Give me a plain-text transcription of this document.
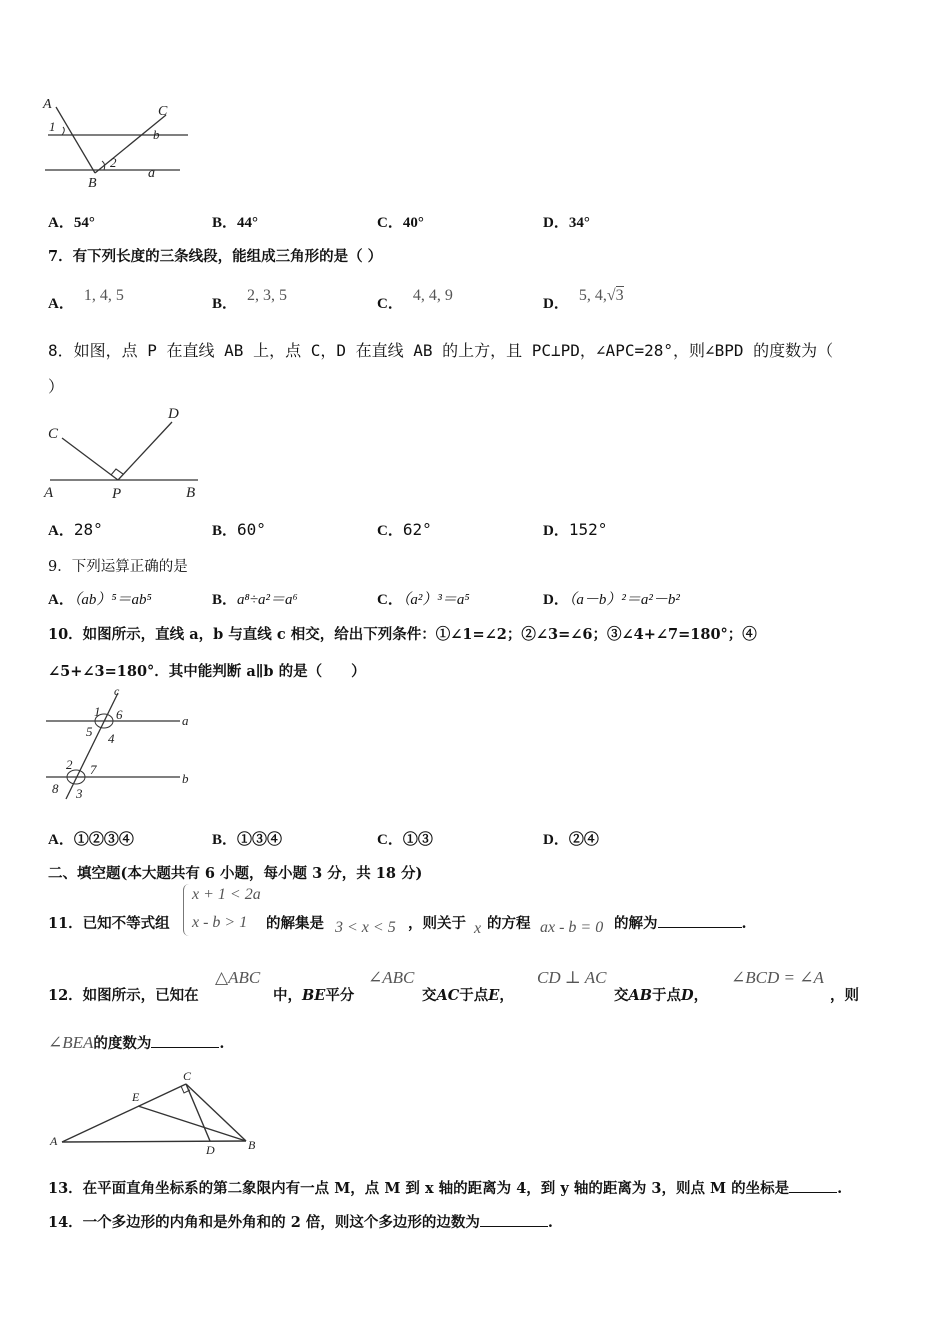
A	C
1
b
2
B
a
A．54°	B．44°	C．40°	D．34°
7．有下列长度的三条线段，能组成三角形的是（ ）
A． 1, 4, 5	B． 2, 3, 5	C． 4, 4, 9	D． 5, 4,√3
8．如图，点 P 在直线 AB 上，点 C，D 在直线 AB 的上方，且 PC⊥PD，∠APC=28°，则∠BPD 的度数为（
）
C
D
A	P	B
A．28°	B．60°	C．62°	D．152°
9．下列运算正确的是
A．（ab）⁵＝ab⁵	B．a⁸÷a²＝a⁶	C．（a²）³＝a⁵	D．（a－b）²＝a²－b²
10．如图所示，直线 a，b 与直线 c 相交，给出下列条件：①∠1=∠2；②∠3=∠6；③∠4+∠7=180°；④
∠5+∠3=180°．其中能判断 a∥b 的是（　　）
c
1 6	a
5 4
2 7
b
8 3
A．①②③④	B．①③④	C．①③	D．②④
二、填空题(本大题共有 6 小题，每小题 3 分，共 18 分)
11．已知不等式组
x + 1 < 2a
x - b > 1 的解集是 3 < x < 5 ，则关于 x 的方程 ax - b = 0 的解为	.
12．如图所示，已知在
△ABC
中，BE平分
∠ABC
交AC于点E，
CD ⊥ AC
交AB于点D，
∠BCD = ∠A
，则
∠BEA的度数为	.
C
E
A
D	B
13．在平面直角坐标系的第二象限内有一点 M，点 M 到 x 轴的距离为 4，到 y 轴的距离为 3，则点 M 的坐标是	.
14．一个多边形的内角和是外角和的 2 倍，则这个多边形的边数为	.
